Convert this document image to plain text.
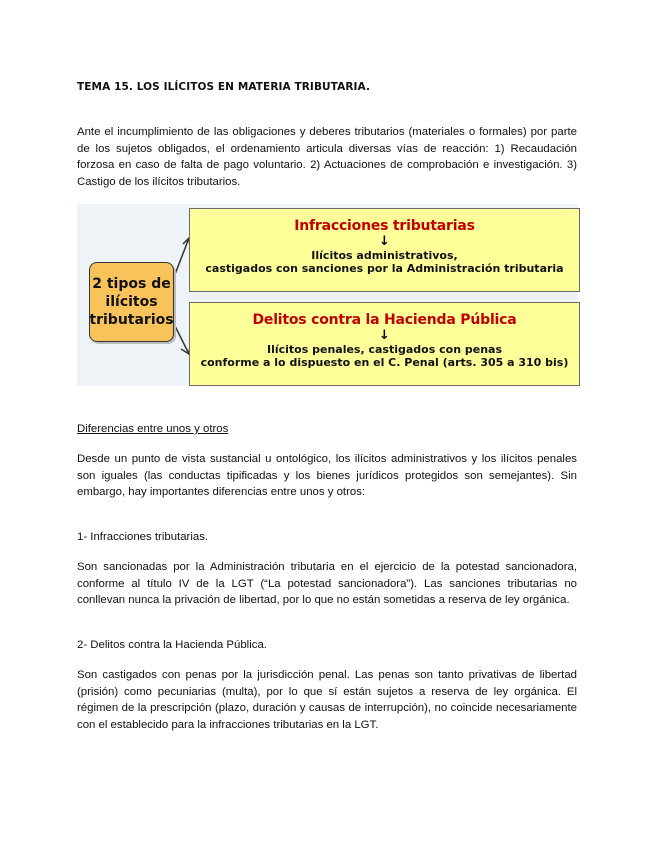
TEMA 15. LOS ILÍCITOS EN MATERIA TRIBUTARIA.
Ante el incumplimiento de las obligaciones y deberes tributarios (materiales o formales) por parte de los sujetos obligados, el ordenamiento articula diversas vías de reacción: 1) Recaudación forzosa en caso de falta de pago voluntario. 2) Actuaciones de comprobación e investigación. 3) Castigo de los ilícitos tributarios.
2 tipos de ilícitos tributarios
Infracciones tributarias
↓
Ilícitos administrativos,
castigados con sanciones por la Administración tributaria
Delitos contra la Hacienda Pública
↓
Ilícitos penales, castigados con penas
conforme a lo dispuesto en el C. Penal (arts. 305 a 310 bis)
Diferencias entre unos y otros
Desde un punto de vista sustancial u ontológico, los ilícitos administrativos y los ilícitos penales son iguales (las conductas tipificadas y los bienes jurídicos protegidos son semejantes). Sin embargo, hay importantes diferencias entre unos y otros:
1- Infracciones tributarias.
Son sancionadas por la Administración tributaria en el ejercicio de la potestad sancionadora, conforme al título IV de la LGT (“La potestad sancionadora”). Las sanciones tributarias no conllevan nunca la privación de libertad, por lo que no están sometidas a reserva de ley orgánica.
2- Delitos contra la Hacienda Pública.
Son castigados con penas por la jurisdicción penal. Las penas son tanto privativas de libertad (prisión) como pecuniarias (multa), por lo que sí están sujetos a reserva de ley orgánica. El régimen de la prescripción (plazo, duración y causas de interrupción), no coincide necesariamente con el establecido para la infracciones tributarias en la LGT.
